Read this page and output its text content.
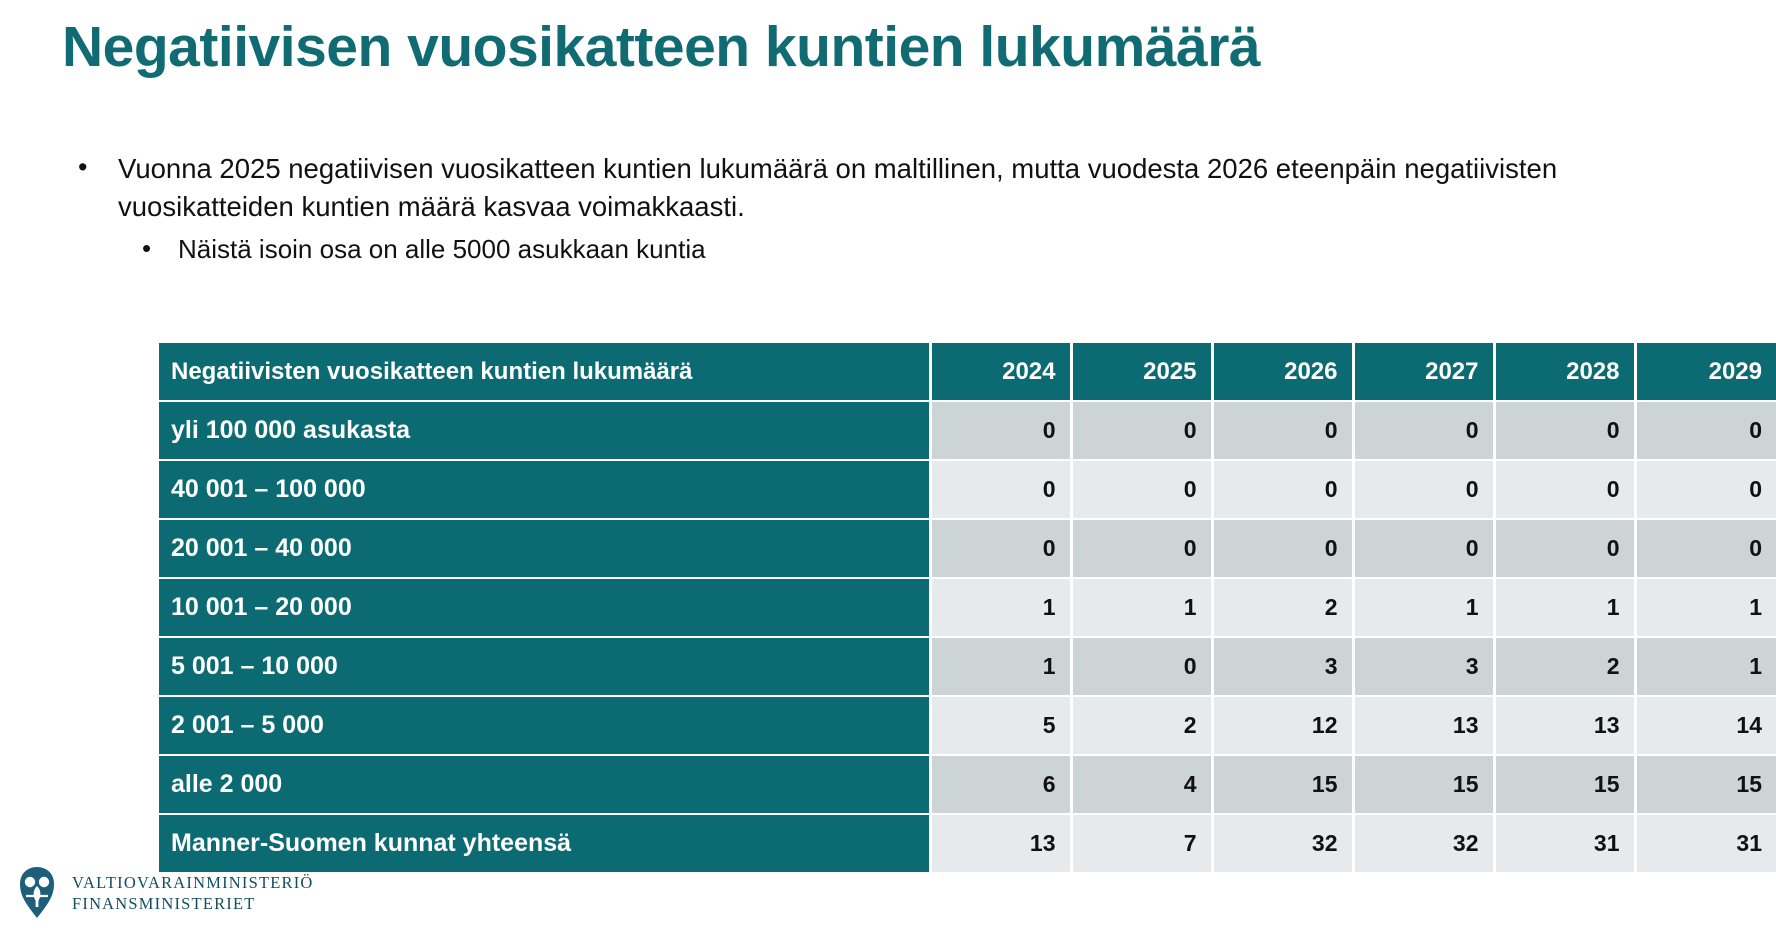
Negatiivisen vuosikatteen kuntien lukumäärä
• Vuonna 2025 negatiivisen vuosikatteen kuntien lukumäärä on maltillinen, mutta vuodesta 2026 eteenpäin negatiivisten vuosikatteiden kuntien määrä kasvaa voimakkaasti.
• Näistä isoin osa on alle 5000 asukkaan kuntia
Negatiivisten vuosikatteen kuntien lukumäärä	2024	2025	2026	2027	2028	2029
yli 100 000 asukasta	0	0	0	0	0	0
40 001 – 100 000	0	0	0	0	0	0
20 001 – 40 000	0	0	0	0	0	0
10 001 – 20 000	1	1	2	1	1	1
5 001 – 10 000	1	0	3	3	2	1
2 001 – 5 000	5	2	12	13	13	14
alle 2 000	6	4	15	15	15	15
Manner-Suomen kunnat yhteensä	13	7	32	32	31	31
VALTIOVARAINMINISTERIÖ
FINANSMINISTERIET
